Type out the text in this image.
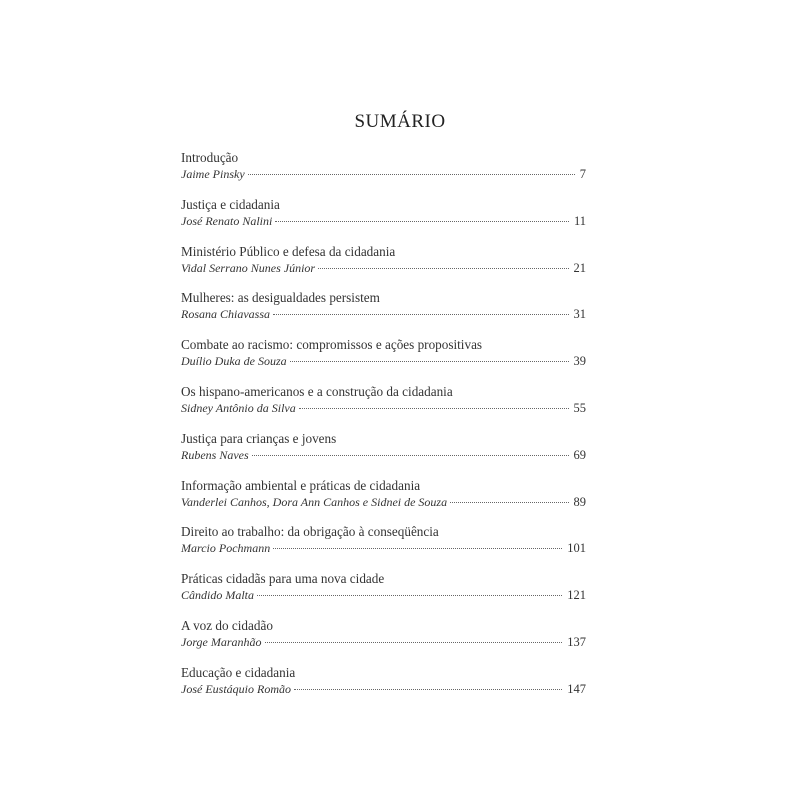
SUMÁRIO
Introdução
Jaime Pinsky	7
Justiça e cidadania
José Renato Nalini	11
Ministério Público e defesa da cidadania
Vidal Serrano Nunes Júnior	21
Mulheres: as desigualdades persistem
Rosana Chiavassa	31
Combate ao racismo: compromissos e ações propositivas
Duílio Duka de Souza	39
Os hispano-americanos e a construção da cidadania
Sidney Antônio da Silva	55
Justiça para crianças e jovens
Rubens Naves	69
Informação ambiental e práticas de cidadania
Vanderlei Canhos, Dora Ann Canhos e Sidnei de Souza	89
Direito ao trabalho: da obrigação à conseqüência
Marcio Pochmann	101
Práticas cidadãs para uma nova cidade
Cândido Malta	121
A voz do cidadão
Jorge Maranhão	137
Educação e cidadania
José Eustáquio Romão	147
